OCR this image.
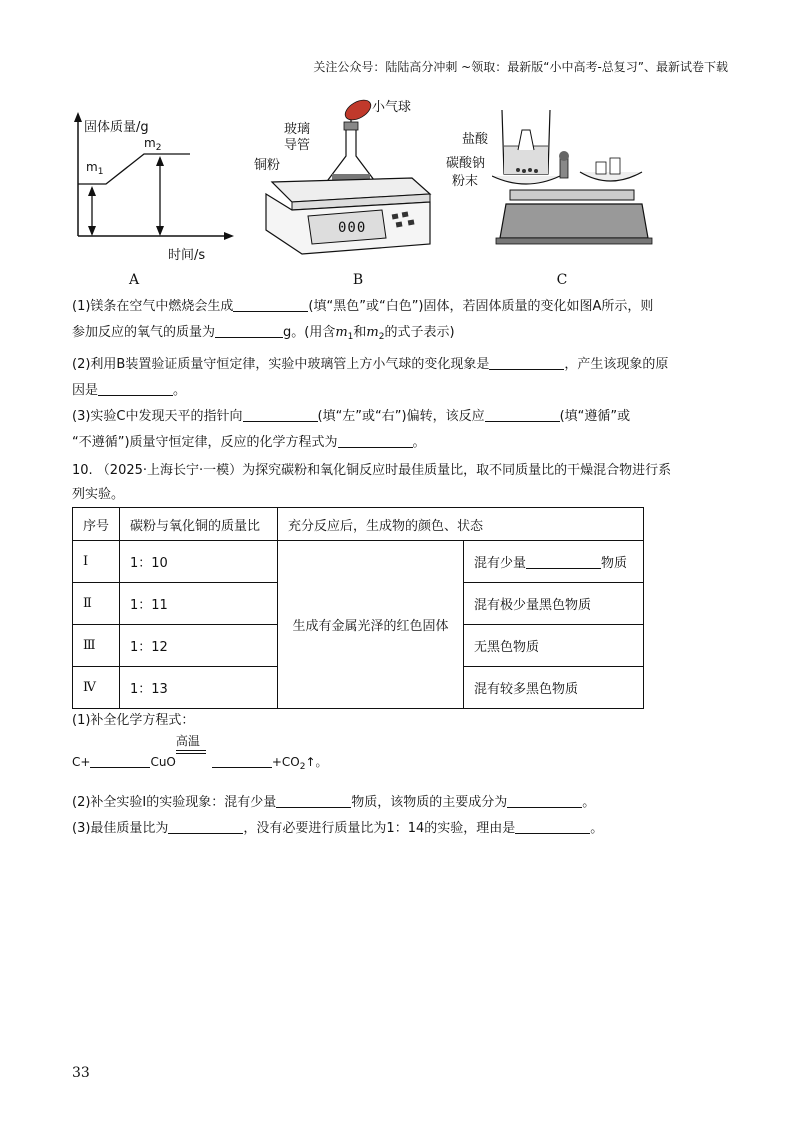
关注公众号：陆陆高分冲刺 ~领取：最新版“小中高考-总复习”、最新试卷下载
固体质量/g
时间/s
$m_1$
$m_2$
A
000
小气球
玻璃
导管
铜粉
B
盐酸
碳酸钠
粉末
C
(1)镁条在空气中燃烧会生成	(填“黑色”或“白色”)固体，若固体质量的变化如图A所示，则
参加反应的氧气的质量为	g。(用含$m_1$和$m_2$的式子表示)
(2)利用B装置验证质量守恒定律，实验中玻璃管上方小气球的变化现象是	，产生该现象的原
因是	。
(3)实验C中发现天平的指针向	(填“左”或“右”)偏转，该反应	(填“遵循”或
“不遵循”)质量守恒定律，反应的化学方程式为	。
10. （2025·上海长宁·一模）为探究碳粉和氧化铜反应时最佳质量比，取不同质量比的干燥混合物进行系
列实验。
序号	碳粉与氧化铜的质量比	充分反应后，生成物的颜色、状态	
Ⅰ	1：10	生成有金属光泽的红色固体	混有少量 物质
Ⅱ	1：11		混有极少量黑色物质
Ⅲ	1：12		无黑色物质
Ⅳ	1：13		混有较多黑色物质
(1)补全化学方程式：
C+	CuO
高温
$+CO_2↑$。
(2)补全实验Ⅰ的实验现象：混有少量	物质，该物质的主要成分为	。
(3)最佳质量比为	，没有必要进行质量比为1：14的实验，理由是	。
33
